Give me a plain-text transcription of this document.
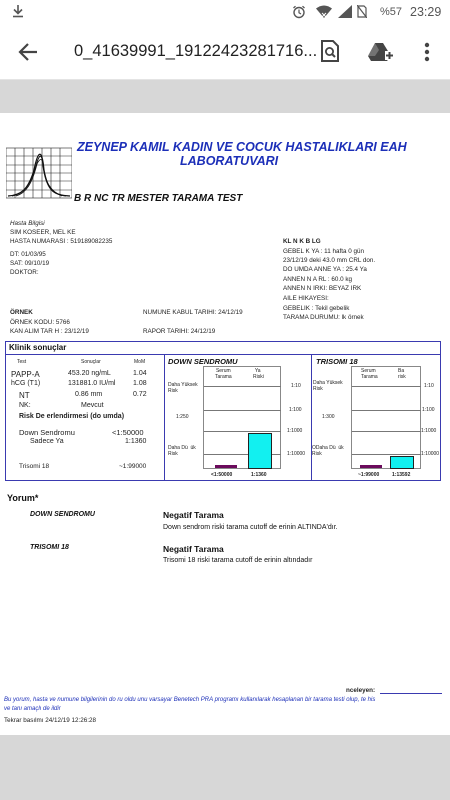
%57 23:29
0_41639991_19122423281716...
ZEYNEP KAMIL KADIN VE COCUK HASTALIKLARI EAH
LABORATUVARI
B R NC TR MESTER TARAMA TEST
Hasta Bilgisi
SIM KOSEER, MEL KE
HASTA NUMARASI : 519189082235
DT: 01/03/95
SAT: 09/10/19
DOKTOR:
KL N K B LG
GEBEL K YA : 11 hafta 0 gün
23/12/19 deki 43.0 mm CRL don.
DO UMDA ANNE YA : 25.4 Ya
ANNEN N A RL : 60.0 kg
ANNEN N IRKI: BEYAZ IRK
AILE HIKAYESI:
GEBELIK : Tekil gebelik
TARAMA DURUMU: lk örnek
ÖRNEK
ÖRNEK KODU: 5766
KAN ALIM TAR H : 23/12/19
NUMUNE KABUL TARIHI: 24/12/19
RAPOR TARIHI: 24/12/19
Klinik sonuçlar
Test	Sonuçlar	MoM
PAPP-A	453.20 ng/mL	1.04
hCG (T1)	131881.0 IU/ml	1.08
NT	0.86 mm	0.72
NK:	Mevcut
Risk De erlendirmesi (do umda)
Down Sendromu	<1:50000
Sadece Ya	1:1360
Trisomi 18	~1:99000
DOWN SENDROMU
Serum
Tarama
Ya
Riski
Daha Yüksek
Risk
1:250
Daha Dü  ük
Risk
1:10
1:100
1:1000
1:10000
<1:50000	1:1360
TRISOMI 18
Serum
Tarama
Ba
risk
Daha Yüksek
Risk
1:300
ODaha Dü  ük
Risk
1:10
1:100
1:1000
1:10000
~1:99000	1:13592
Yorum*
DOWN SENDROMU	Negatif Tarama
Down sendrom riski tarama cutoff de erinin ALTINDA'dır.
TRISOMI 18	Negatif Tarama
Trisomi 18 riski tarama cutoff de erinin altındadır
nceleyen:
Bu yorum, hasta ve numune bilgilerinin do ru oldu unu varsayar Benetech PRA programı kullanılarak hesaplanan bir tarama testi olup, te his
ve tanı amaçlı de ildir
Tekrar basılmı 24/12/19 12:26:28
